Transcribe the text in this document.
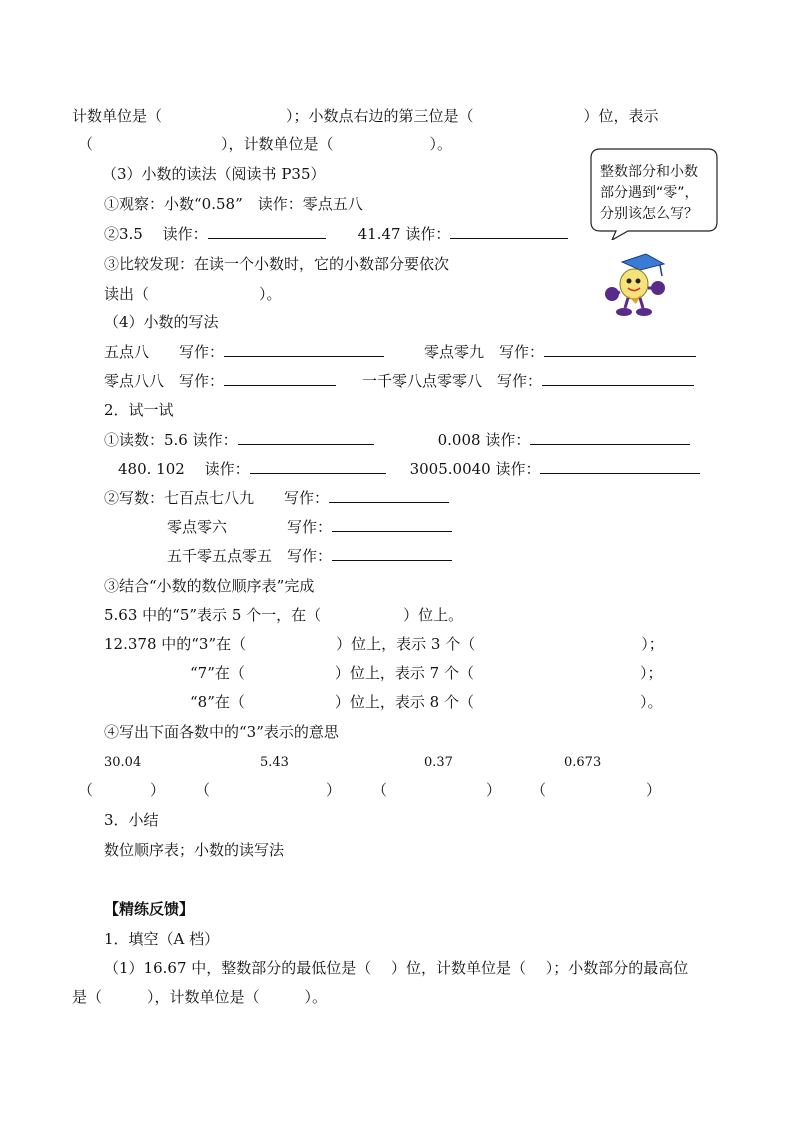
计数单位是（	）；小数点右边的第三位是（	）位，表示
（	），计数单位是（	）。
（3）小数的读法（阅读书 P35）
①观察：小数“0.58”　读作：零点五八
②3.5　 读作：	41.47 读作：
③比较发现：在读一个小数时，它的小数部分要依次
读出（	）。
整数部分和小数
部分遇到“零”，
分别该怎么写？
（4）小数的写法
五点八　　写作：	零点零九　写作：
零点八八　写作：	一千零八点零零八　写作：
2．试一试
①读数：5.6 读作：	0.008 读作：
480. 102　 读作：	3005.0040 读作：
②写数：七百点七八九　　写作：
零点零六　　　　写作：
五千零五点零五　写作：
③结合“小数的数位顺序表”完成
5.63 中的“5”表示 5 个一，在（	）位上。
12.378 中的“3”在（	）位上，表示 3 个（	）；
“7”在（	）位上，表示 7 个（	）；
“8”在（	）位上，表示 8 个（	）。
④写出下面各数中的“3”表示的意思
30.04	5.43	0.37	0.673
（	） （	） （	） （	）
3．小结
数位顺序表；小数的读写法
【精练反馈】
1．填空（A 档）
（1）16.67 中，整数部分的最低位是（　 ）位，计数单位是（　 ）；小数部分的最高位
是（　　　），计数单位是（　　　）。
